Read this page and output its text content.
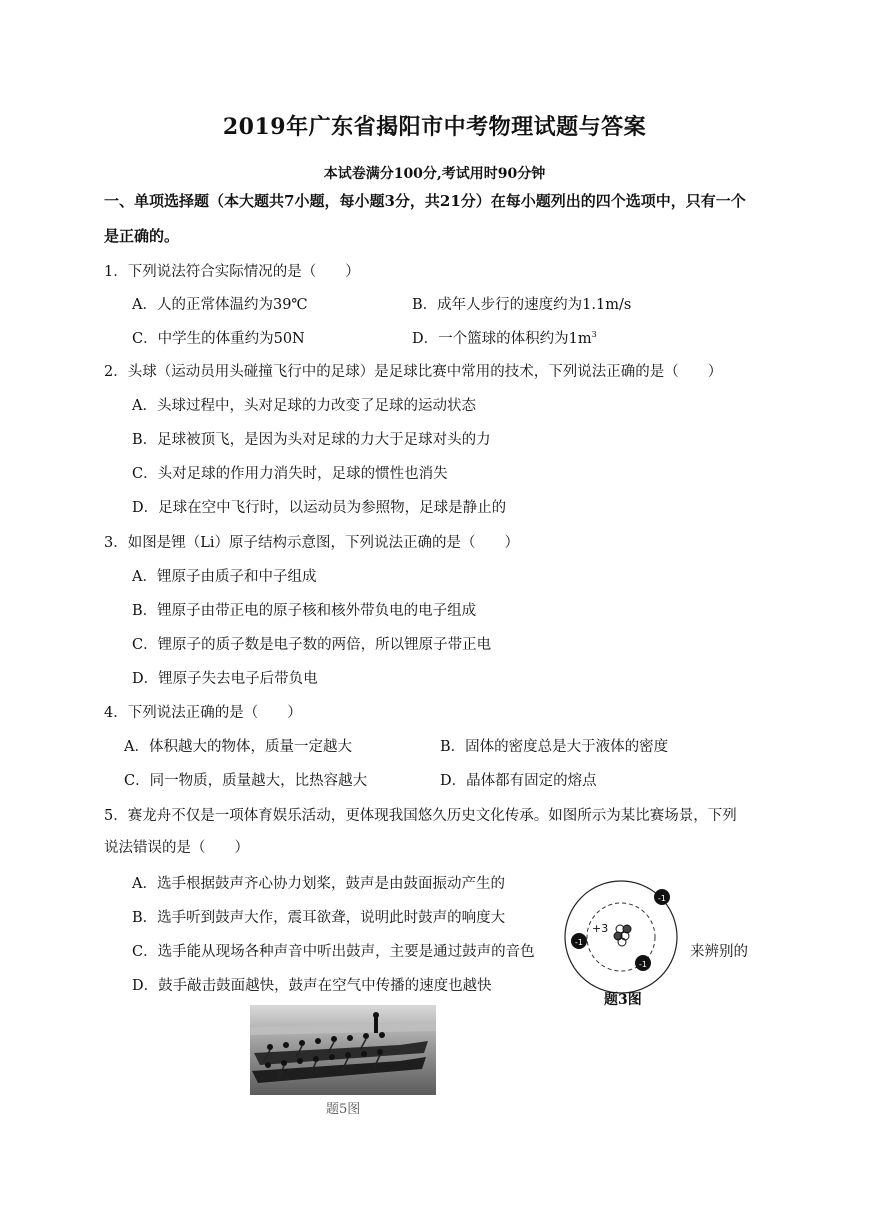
2019年广东省揭阳市中考物理试题与答案
本试卷满分100分,考试用时90分钟
一、单项选择题（本大题共7小题，每小题3分，共21分）在每小题列出的四个选项中，只有一个
是正确的。
1．下列说法符合实际情况的是（　　）
A．人的正常体温约为39℃	B．成年人步行的速度约为1.1m/s
C．中学生的体重约为50N	D．一个篮球的体积约为$1m^3$
2．头球（运动员用头碰撞飞行中的足球）是足球比赛中常用的技术，下列说法正确的是（　　）
A．头球过程中，头对足球的力改变了足球的运动状态
B．足球被顶飞，是因为头对足球的力大于足球对头的力
C．头对足球的作用力消失时，足球的惯性也消失
D．足球在空中飞行时，以运动员为参照物，足球是静止的
3．如图是锂（Li）原子结构示意图，下列说法正确的是（　　）
A．锂原子由质子和中子组成
B．锂原子由带正电的原子核和核外带负电的电子组成
C．锂原子的质子数是电子数的两倍，所以锂原子带正电
D．锂原子失去电子后带负电
4．下列说法正确的是（　　）
A．体积越大的物体，质量一定越大	B．固体的密度总是大于液体的密度
C．同一物质，质量越大，比热容越大	D．晶体都有固定的熔点
5．赛龙舟不仅是一项体育娱乐活动，更体现我国悠久历史文化传承。如图所示为某比赛场景，下列
说法错误的是（　　）
A．选手根据鼓声齐心协力划桨，鼓声是由鼓面振动产生的
B．选手听到鼓声大作，震耳欲聋，说明此时鼓声的响度大
C．选手能从现场各种声音中听出鼓声，主要是通过鼓声的音色	来辨别的
D．鼓手敲击鼓面越快，鼓声在空气中传播的速度也越快
+3
-1
-1
-1
题3图
题5图
